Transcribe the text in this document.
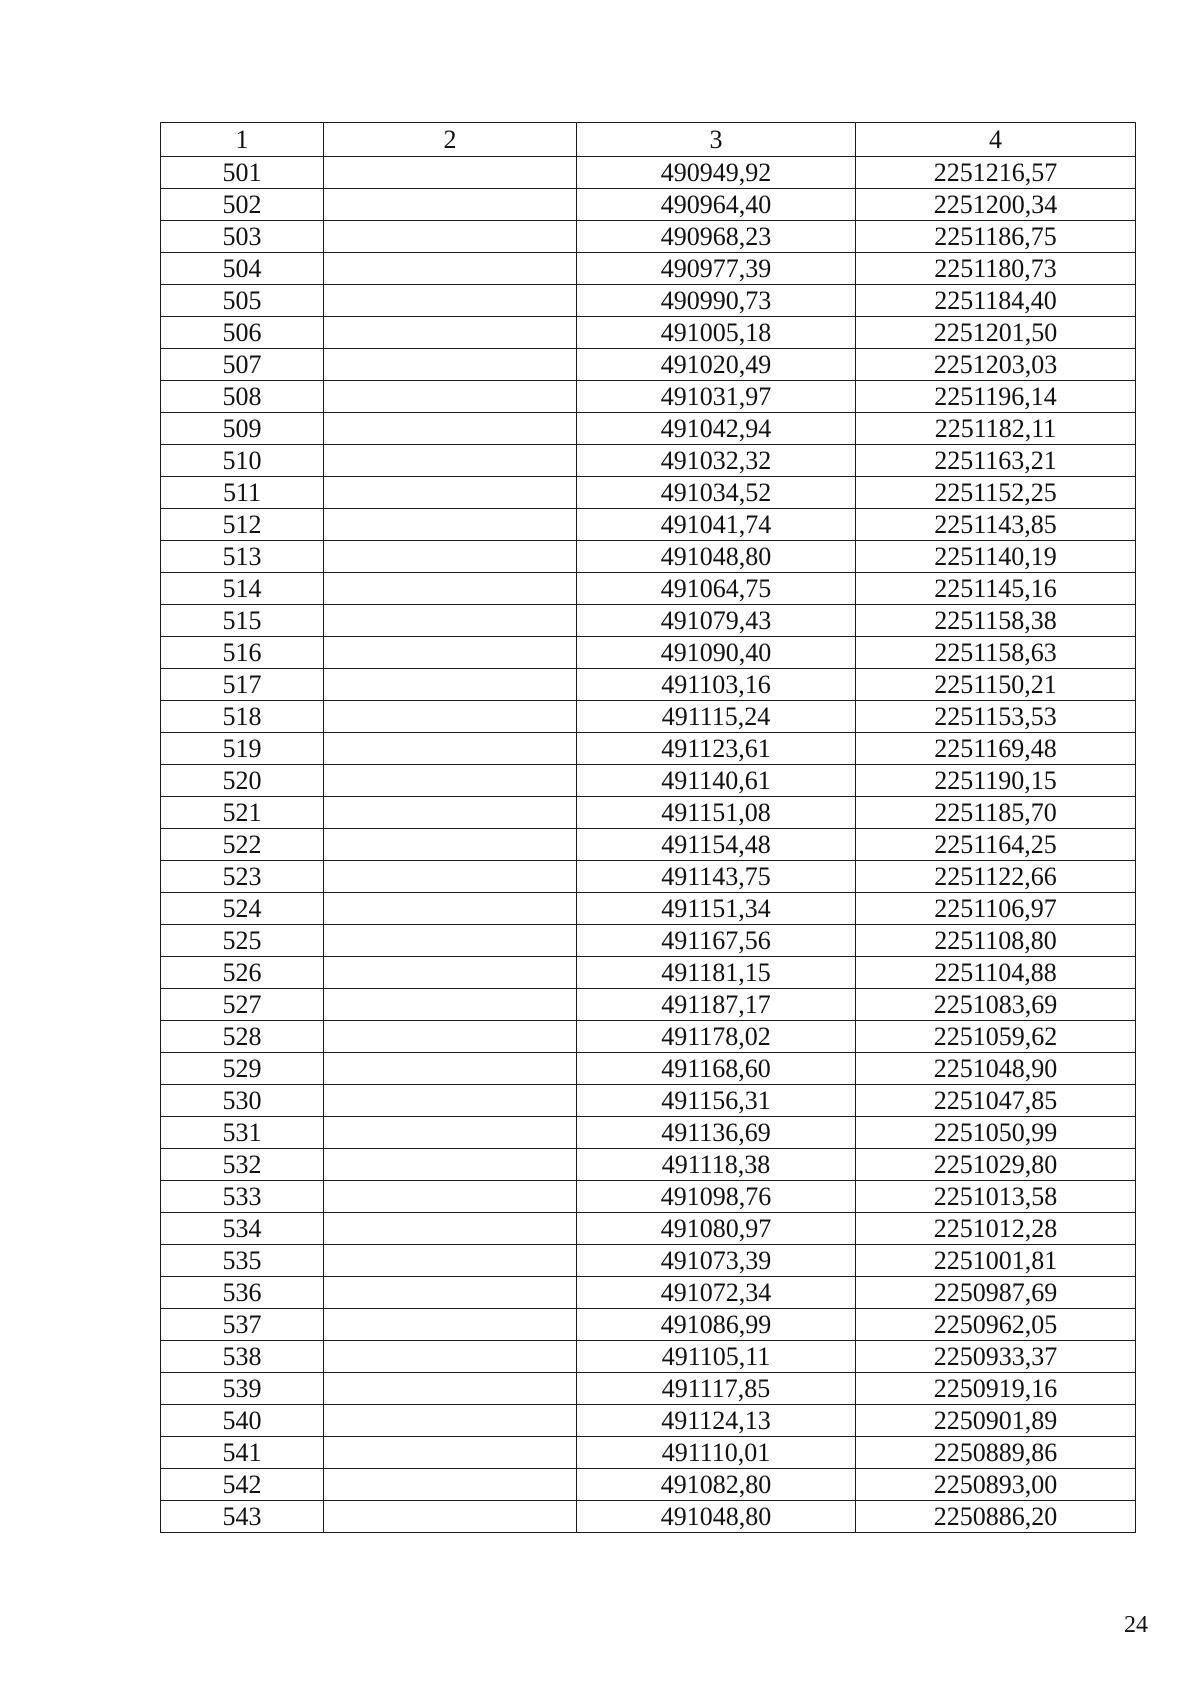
1	2	3	4
501		490949,92	2251216,57
502		490964,40	2251200,34
503		490968,23	2251186,75
504		490977,39	2251180,73
505		490990,73	2251184,40
506		491005,18	2251201,50
507		491020,49	2251203,03
508		491031,97	2251196,14
509		491042,94	2251182,11
510		491032,32	2251163,21
511		491034,52	2251152,25
512		491041,74	2251143,85
513		491048,80	2251140,19
514		491064,75	2251145,16
515		491079,43	2251158,38
516		491090,40	2251158,63
517		491103,16	2251150,21
518		491115,24	2251153,53
519		491123,61	2251169,48
520		491140,61	2251190,15
521		491151,08	2251185,70
522		491154,48	2251164,25
523		491143,75	2251122,66
524		491151,34	2251106,97
525		491167,56	2251108,80
526		491181,15	2251104,88
527		491187,17	2251083,69
528		491178,02	2251059,62
529		491168,60	2251048,90
530		491156,31	2251047,85
531		491136,69	2251050,99
532		491118,38	2251029,80
533		491098,76	2251013,58
534		491080,97	2251012,28
535		491073,39	2251001,81
536		491072,34	2250987,69
537		491086,99	2250962,05
538		491105,11	2250933,37
539		491117,85	2250919,16
540		491124,13	2250901,89
541		491110,01	2250889,86
542		491082,80	2250893,00
543		491048,80	2250886,20
24
